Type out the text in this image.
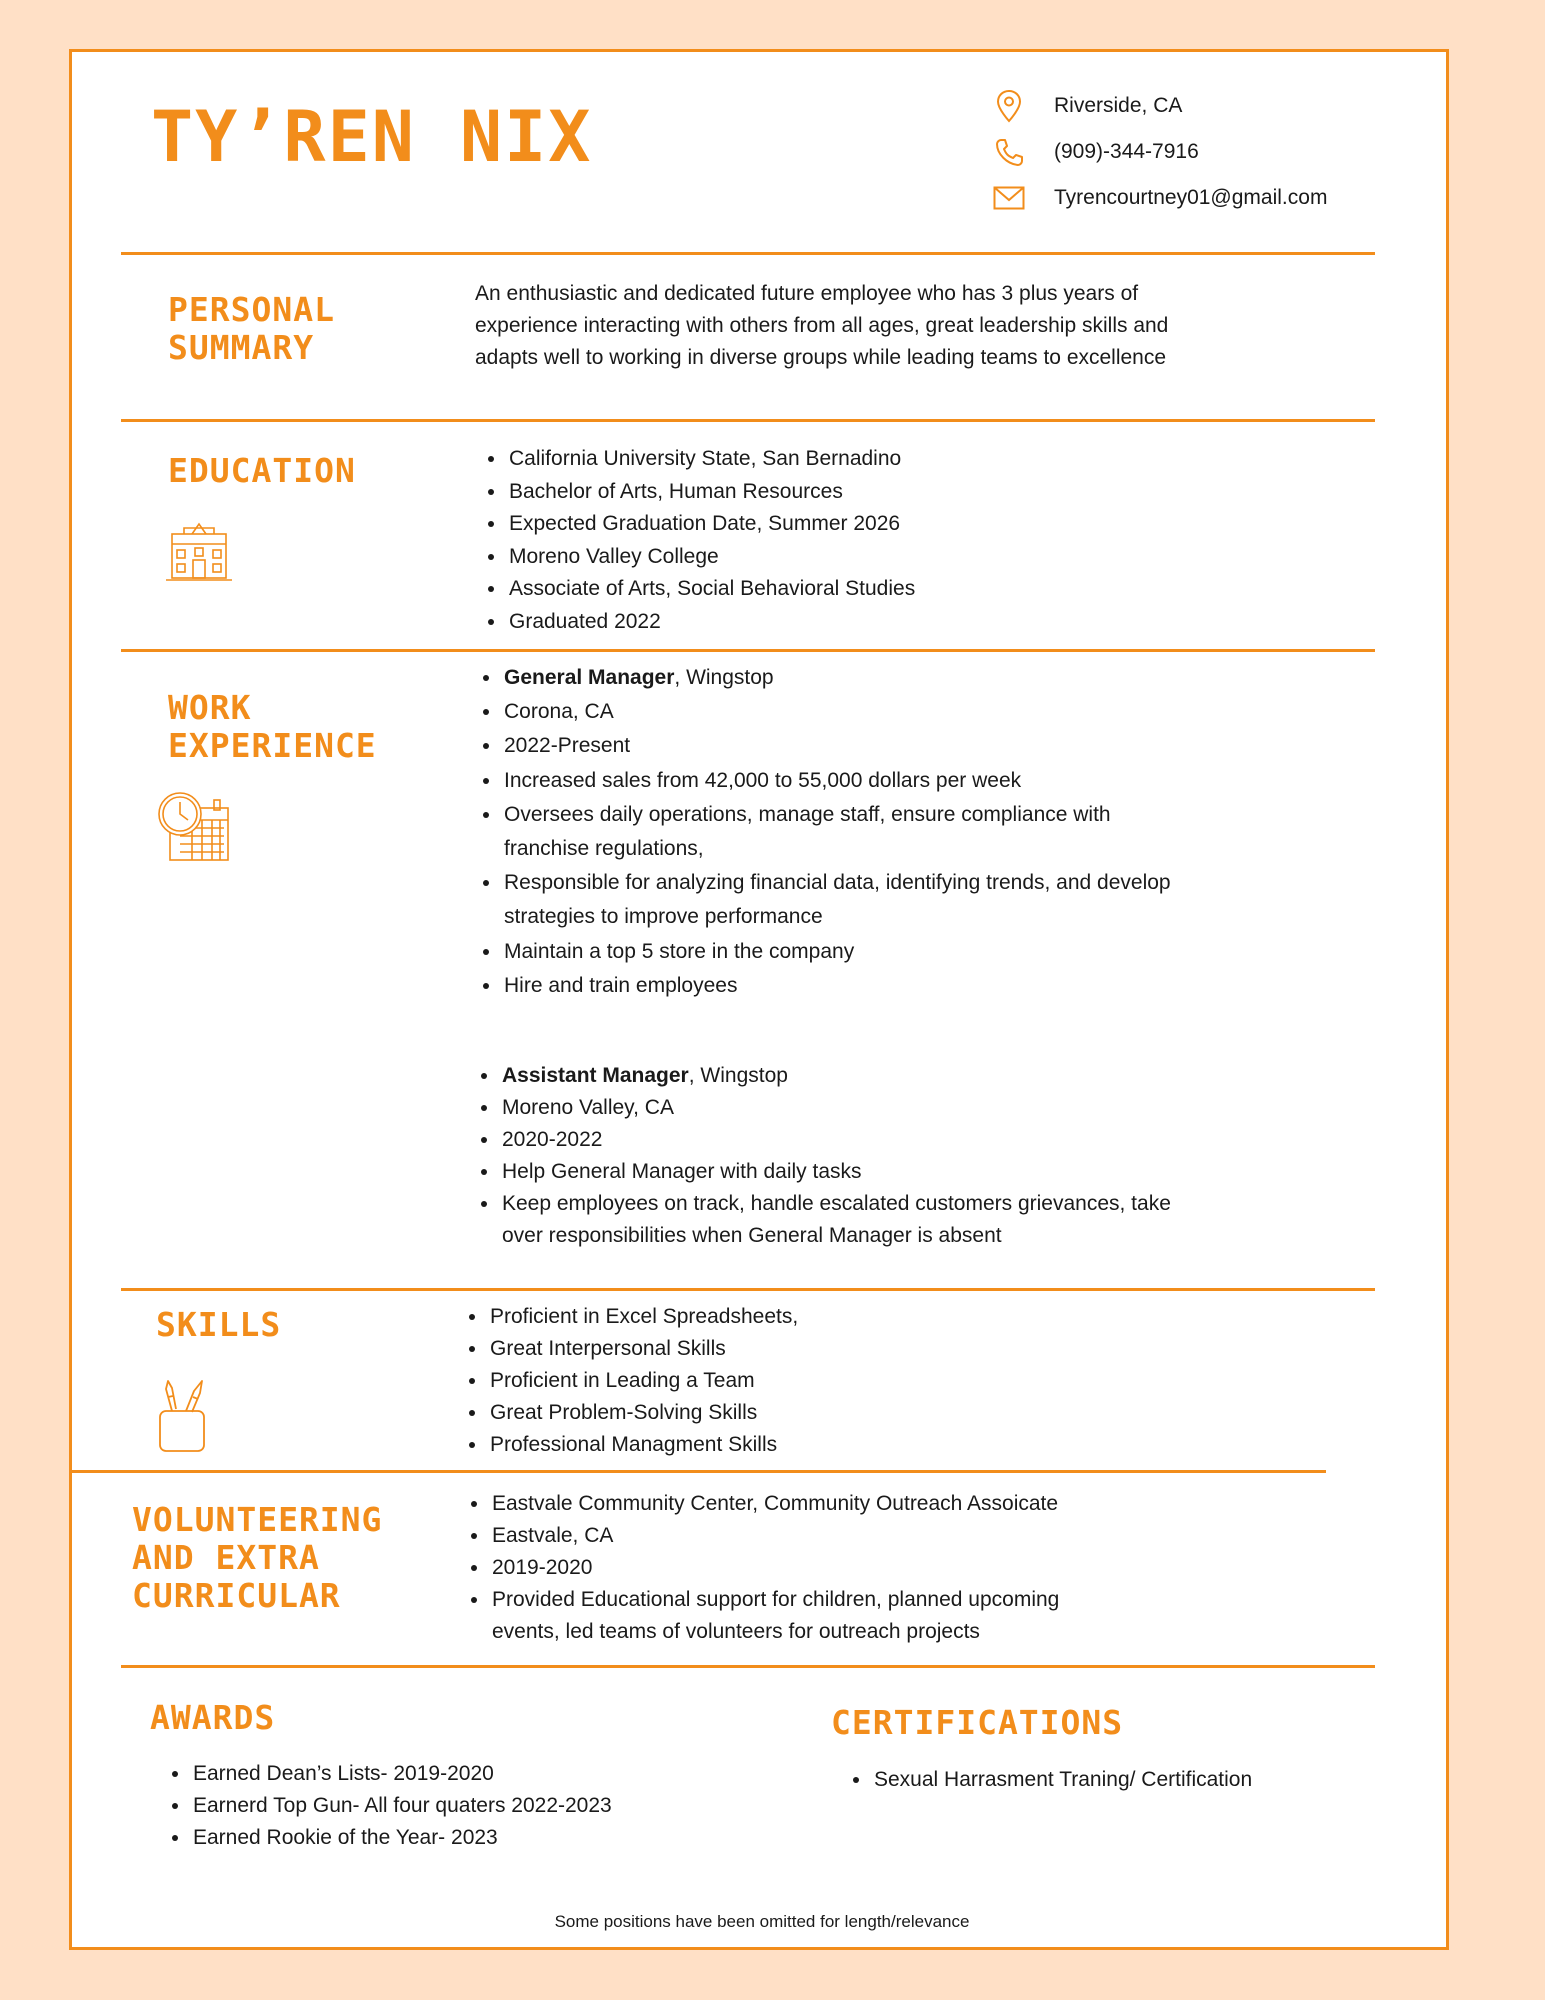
TY’REN NIX	Riverside, CA
(909)-344-7916
Tyrencourtney01@gmail.com
PERSONAL
SUMMARY

An enthusiastic and dedicated future employee who has 3 plus years of experience interacting with others from all ages, great leadership skills and adapts well to working in diverse groups while leading teams to excellence

EDUCATION	• California University State, San Bernadino
• Bachelor of Arts, Human Resources
• Expected Graduation Date, Summer 2026
• Moreno Valley College
• Associate of Arts, Social Behavioral Studies
• Graduated 2022
WORK
EXPERIENCE
• General Manager, Wingstop
• Corona, CA
• 2022-Present
• Increased sales from 42,000 to 55,000 dollars per week
• Oversees daily operations, manage staff, ensure compliance with franchise regulations,
• Responsible for analyzing financial data, identifying trends, and develop strategies to improve performance
• Maintain a top 5 store in the company
• Hire and train employees
• Assistant Manager, Wingstop
• Moreno Valley, CA
• 2020-2022
• Help General Manager with daily tasks
• Keep employees on track, handle escalated customers grievances, take over responsibilities when General Manager is absent
SKILLS	• Proficient in Excel Spreadsheets,
• Great Interpersonal Skills
• Proficient in Leading a Team
• Great Problem-Solving Skills
• Professional Managment Skills
VOLUNTEERING
AND EXTRA
CURRICULAR
• Eastvale Community Center, Community Outreach Assoicate
• Eastvale, CA
• 2019-2020
• Provided Educational support for children, planned upcoming events, led teams of volunteers for outreach projects
AWARDS
• Earned Dean’s Lists- 2019-2020
• Earnerd Top Gun- All four quaters 2022-2023
• Earned Rookie of the Year- 2023
CERTIFICATIONS
• Sexual Harrasment Traning/ Certification
Some positions have been omitted for length/relevance
